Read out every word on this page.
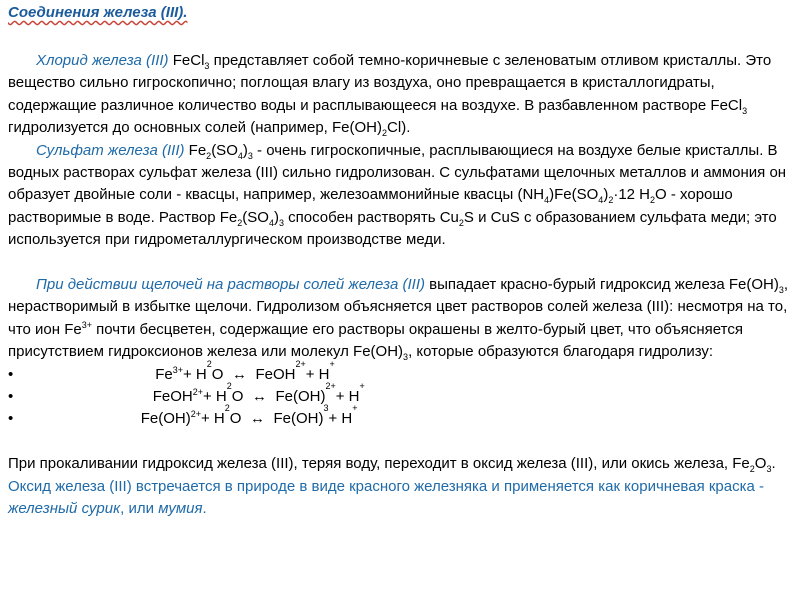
Соединения железа (III).

Хлорид железа (III) FeCl$_3$ представляет собой темно-коричневые с зеленоватым отливом кристаллы. Это вещество сильно гигроскопично; поглощая влагу из воздуха, оно превращается в кристаллогидраты, содержащие различное количество воды и расплывающееся на воздухе. В разбавленном растворе FeCl$_3$ гидролизуется до основных солей (например, $Fe(OH)_2Cl$).

Сульфат железа (III) $Fe_2(SO_4)_3$ - очень гигроскопичные, расплывающиеся на воздухе белые кристаллы. В водных растворах сульфат железа (III) сильно гидролизован. С сульфатами щелочных металлов и аммония он образует двойные соли - квасцы, например, железоаммонийные квасцы $(NH_4)Fe(SO_4)_2\cdot 12$ $H_2O$ - хорошо растворимые в воде. Раствор $Fe_2(SO_4)_3$ способен растворять $Cu_2S$ и CuS с образованием сульфата меди; это используется при гидрометаллургическом производстве меди.

При действии щелочей на растворы солей железа (III) выпадает красно-бурый гидроксид железа $Fe(OH)_3$, нерастворимый в избытке щелочи. Гидролизом объясняется цвет растворов солей железа (III): несмотря на то, что ион $Fe^{3+}$ почти бесцветен, содержащие его растворы окрашены в желто-бурый цвет, что объясняется присутствием гидроксионов железа или молекул $Fe(OH)_3$, которые образуются благодаря гидролизу:

•	$Fe^{3+} + H$
2
O ↔ FeOH
2+
+ H
+
•	FeOH$^{2+}$ + H
2
O ↔ Fe(OH)
2+
+ H
+
•	Fe(OH)$^{2+}$ + H
2
O ↔ Fe(OH)
3
+ H
+

При прокаливании гидроксид железа (III), теряя воду, переходит в оксид железа (III), или окись железа, $Fe_2O_3$. Оксид железа (III) встречается в природе в виде красного железняка и применяется как коричневая краска - железный сурик, или мумия.
